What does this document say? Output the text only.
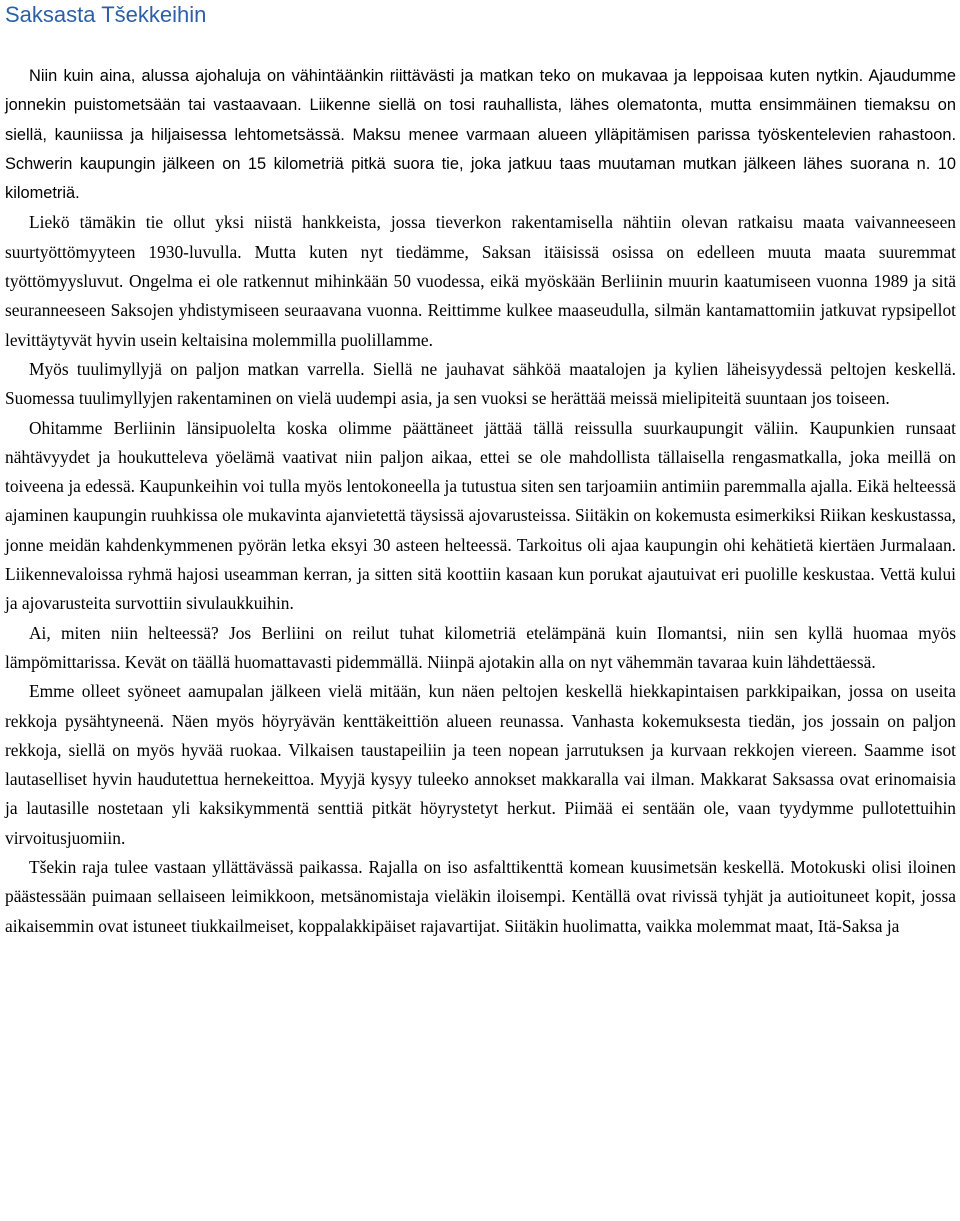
Saksasta Tšekkeihin

Niin kuin aina, alussa ajohaluja on vähintäänkin riittävästi ja matkan teko on mukavaa ja leppoisaa kuten nytkin. Ajaudumme jonnekin puistometsään tai vastaavaan. Liikenne siellä on tosi rauhallista, lähes olematonta, mutta ensimmäinen tiemaksu on siellä, kauniissa ja hiljaisessa lehtometsässä. Maksu menee varmaan alueen ylläpitämisen parissa työskentelevien rahastoon. Schwerin kaupungin jälkeen on 15 kilometriä pitkä suora tie, joka jatkuu taas muutaman mutkan jälkeen lähes suorana n. 10 kilometriä.

Liekö tämäkin tie ollut yksi niistä hankkeista, jossa tieverkon rakentamisella nähtiin olevan ratkaisu maata vaivanneeseen suurtyöttömyyteen 1930-luvulla. Mutta kuten nyt tiedämme, Saksan itäisissä osissa on edelleen muuta maata suuremmat työttömyysluvut. Ongelma ei ole ratkennut mihinkään 50 vuodessa, eikä myöskään Berliinin muurin kaatumiseen vuonna 1989 ja sitä seuranneeseen Saksojen yhdistymiseen seuraavana vuonna. Reittimme kulkee maaseudulla, silmän kantamattomiin jatkuvat rypsipellot levittäytyvät hyvin usein keltaisina molemmilla puolillamme.

Myös tuulimyllyjä on paljon matkan varrella. Siellä ne jauhavat sähköä maatalojen ja kylien läheisyydessä peltojen keskellä. Suomessa tuulimyllyjen rakentaminen on vielä uudempi asia, ja sen vuoksi se herättää meissä mielipiteitä suuntaan jos toiseen.

Ohitamme Berliinin länsipuolelta koska olimme päättäneet jättää tällä reissulla suurkaupungit väliin. Kaupunkien runsaat nähtävyydet ja houkutteleva yöelämä vaativat niin paljon aikaa, ettei se ole mahdollista tällaisella rengasmatkalla, joka meillä on toiveena ja edessä. Kaupunkeihin voi tulla myös lentokoneella ja tutustua siten sen tarjoamiin antimiin paremmalla ajalla. Eikä helteessä ajaminen kaupungin ruuhkissa ole mukavinta ajanvietettä täysissä ajovarusteissa. Siitäkin on kokemusta esimerkiksi Riikan keskustassa, jonne meidän kahdenkymmenen pyörän letka eksyi 30 asteen helteessä. Tarkoitus oli ajaa kaupungin ohi kehätietä kiertäen Jurmalaan. Liikennevaloissa ryhmä hajosi useamman kerran, ja sitten sitä koottiin kasaan kun porukat ajautuivat eri puolille keskustaa. Vettä kului ja ajovarusteita survottiin sivulaukkuihin.

Ai, miten niin helteessä? Jos Berliini on reilut tuhat kilometriä etelämpänä kuin Ilomantsi, niin sen kyllä huomaa myös lämpömittarissa. Kevät on täällä huomattavasti pidemmällä. Niinpä ajotakin alla on nyt vähemmän tavaraa kuin lähdettäessä.

Emme olleet syöneet aamupalan jälkeen vielä mitään, kun näen peltojen keskellä hiekkapintaisen parkkipaikan, jossa on useita rekkoja pysähtyneenä. Näen myös höyryävän kenttäkeittiön alueen reunassa. Vanhasta kokemuksesta tiedän, jos jossain on paljon rekkoja, siellä on myös hyvää ruokaa. Vilkaisen taustapeiliin ja teen nopean jarrutuksen ja kurvaan rekkojen viereen. Saamme isot lautaselliset hyvin haudutettua hernekeittoa. Myyjä kysyy tuleeko annokset makkaralla vai ilman. Makkarat Saksassa ovat erinomaisia ja lautasille nostetaan yli kaksikymmentä senttiä pitkät höyrystetyt herkut. Piimää ei sentään ole, vaan tyydymme pullotettuihin virvoitusjuomiin.

Tšekin raja tulee vastaan yllättävässä paikassa. Rajalla on iso asfalttikenttä komean kuusimetsän keskellä. Motokuski olisi iloinen päästessään puimaan sellaiseen leimikkoon, metsänomistaja vieläkin iloisempi. Kentällä ovat rivissä tyhjät ja autioituneet kopit, jossa aikaisemmin ovat istuneet tiukkailmeiset, koppalakkipäiset rajavartijat. Siitäkin huolimatta, vaikka molemmat maat, Itä-Saksa ja
